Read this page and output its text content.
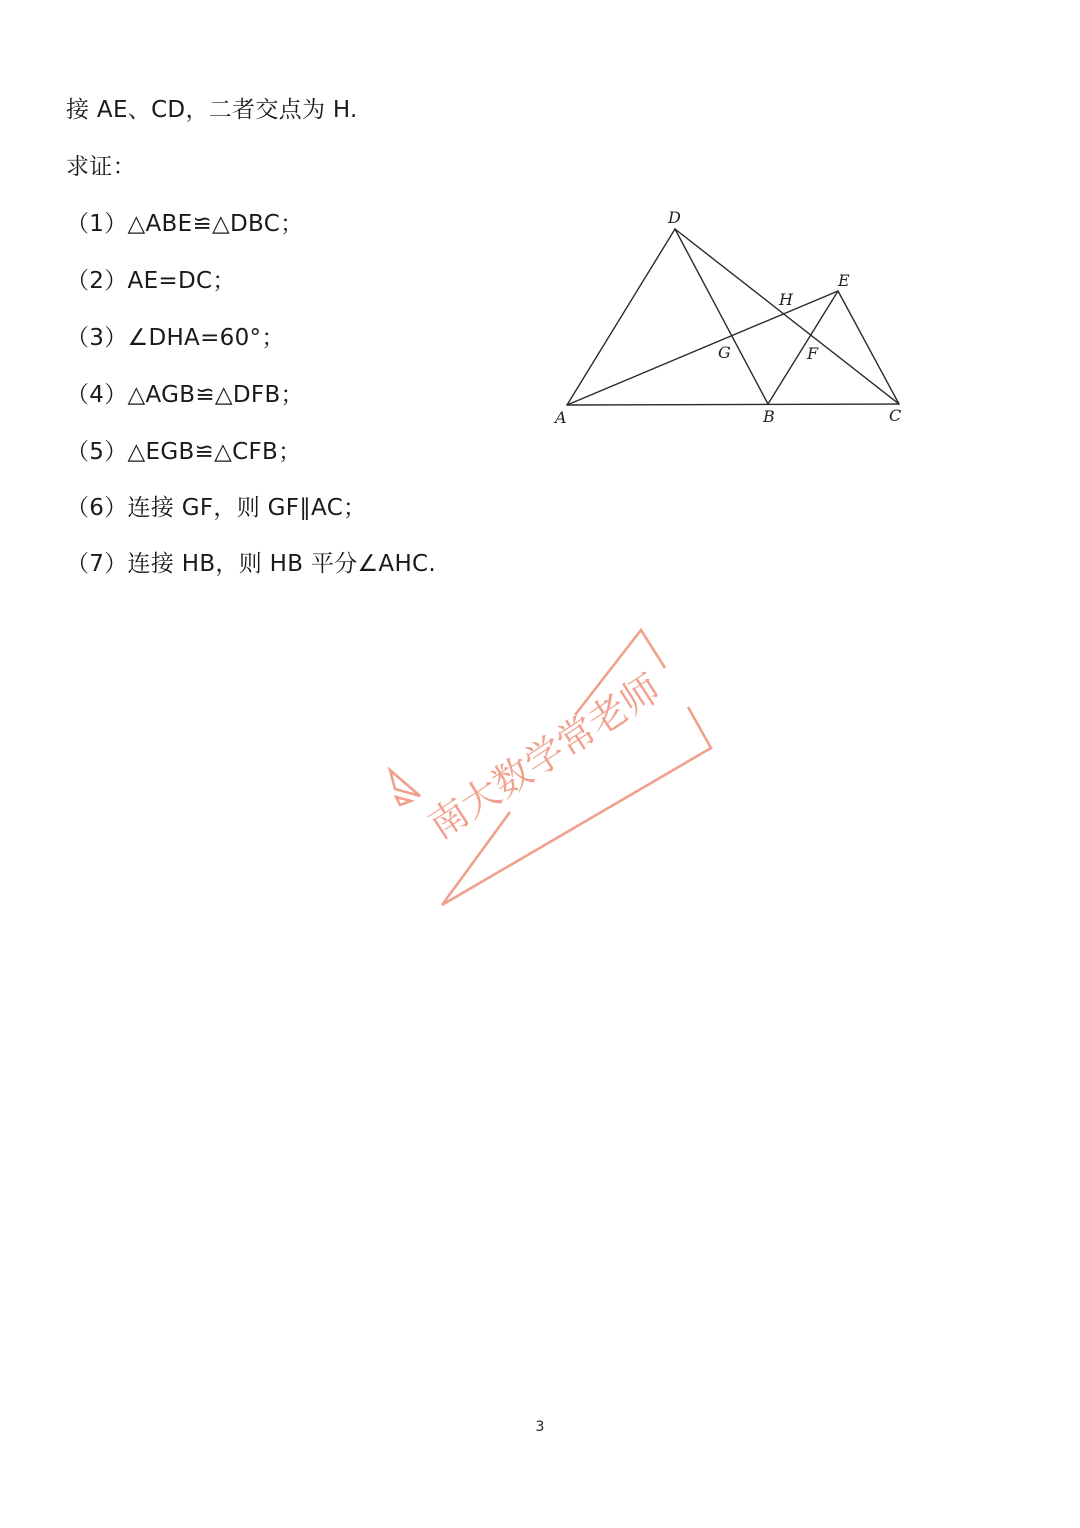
接 AE、CD，二者交点为 H.
求证：
（1）△ABE≌△DBC；
（2）AE=DC；
（3）∠DHA=60°；
（4）△AGB≌△DFB；
（5）△EGB≌△CFB；
（6）连接 GF，则 GF∥AC；
（7）连接 HB，则 HB 平分∠AHC.
D
E
H
G	F
A	B	C
南大数学常老师
3
